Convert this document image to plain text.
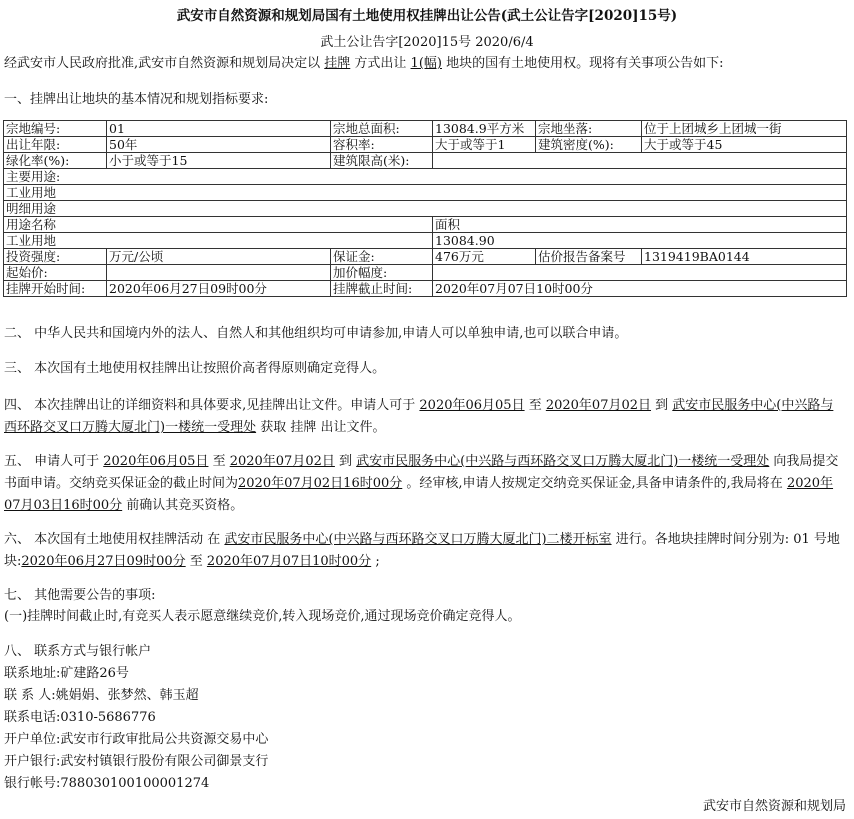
武安市自然资源和规划局国有土地使用权挂牌出让公告(武土公让告字[2020]15号)
武土公让告字[2020]15号 2020/6/4
经武安市人民政府批准,武安市自然资源和规划局决定以 挂牌 方式出让 1(幅) 地块的国有土地使用权。现将有关事项公告如下:
一、挂牌出让地块的基本情况和规划指标要求:
宗地编号:	01	宗地总面积:	13084.9平方米	宗地坐落:	位于上团城乡上团城一街
出让年限:	50年	容积率:	大于或等于1	建筑密度(%):	大于或等于45
绿化率(%):	小于或等于15	建筑限高(米):			
主要用途:					
工业用地					
明细用途					
用途名称			面积		
工业用地			13084.90		
投资强度:	万元/公顷	保证金:	476万元	估价报告备案号	1319419BA0144
起始价:		加价幅度:			
挂牌开始时间:	2020年06月27日09时00分	挂牌截止时间:	2020年07月07日10时00分		
二、 中华人民共和国境内外的法人、自然人和其他组织均可申请参加,申请人可以单独申请,也可以联合申请。
三、 本次国有土地使用权挂牌出让按照价高者得原则确定竞得人。
四、 本次挂牌出让的详细资料和具体要求,见挂牌出让文件。申请人可于 2020年06月05日 至 2020年07月02日 到 武安市民服务中心(中兴路与西环路交叉口万腾大厦北门)一楼统一受理处 获取 挂牌 出让文件。
五、 申请人可于 2020年06月05日 至 2020年07月02日 到 武安市民服务中心(中兴路与西环路交叉口万腾大厦北门)一楼统一受理处 向我局提交书面申请。交纳竞买保证金的截止时间为2020年07月02日16时00分 。经审核,申请人按规定交纳竞买保证金,具备申请条件的,我局将在 2020年07月03日16时00分 前确认其竞买资格。
六、 本次国有土地使用权挂牌活动 在 武安市民服务中心(中兴路与西环路交叉口万腾大厦北门)二楼开标室 进行。各地块挂牌时间分别为: 01 号地块:2020年06月27日09时00分 至 2020年07月07日10时00分 ;
七、 其他需要公告的事项:
(一)挂牌时间截止时,有竞买人表示愿意继续竞价,转入现场竞价,通过现场竞价确定竞得人。
八、 联系方式与银行帐户
联系地址:矿建路26号
联 系 人:姚娟娟、张梦然、韩玉超
联系电话:0310-5686776
开户单位:武安市行政审批局公共资源交易中心
开户银行:武安村镇银行股份有限公司御景支行
银行帐号:788030100100001274
武安市自然资源和规划局
